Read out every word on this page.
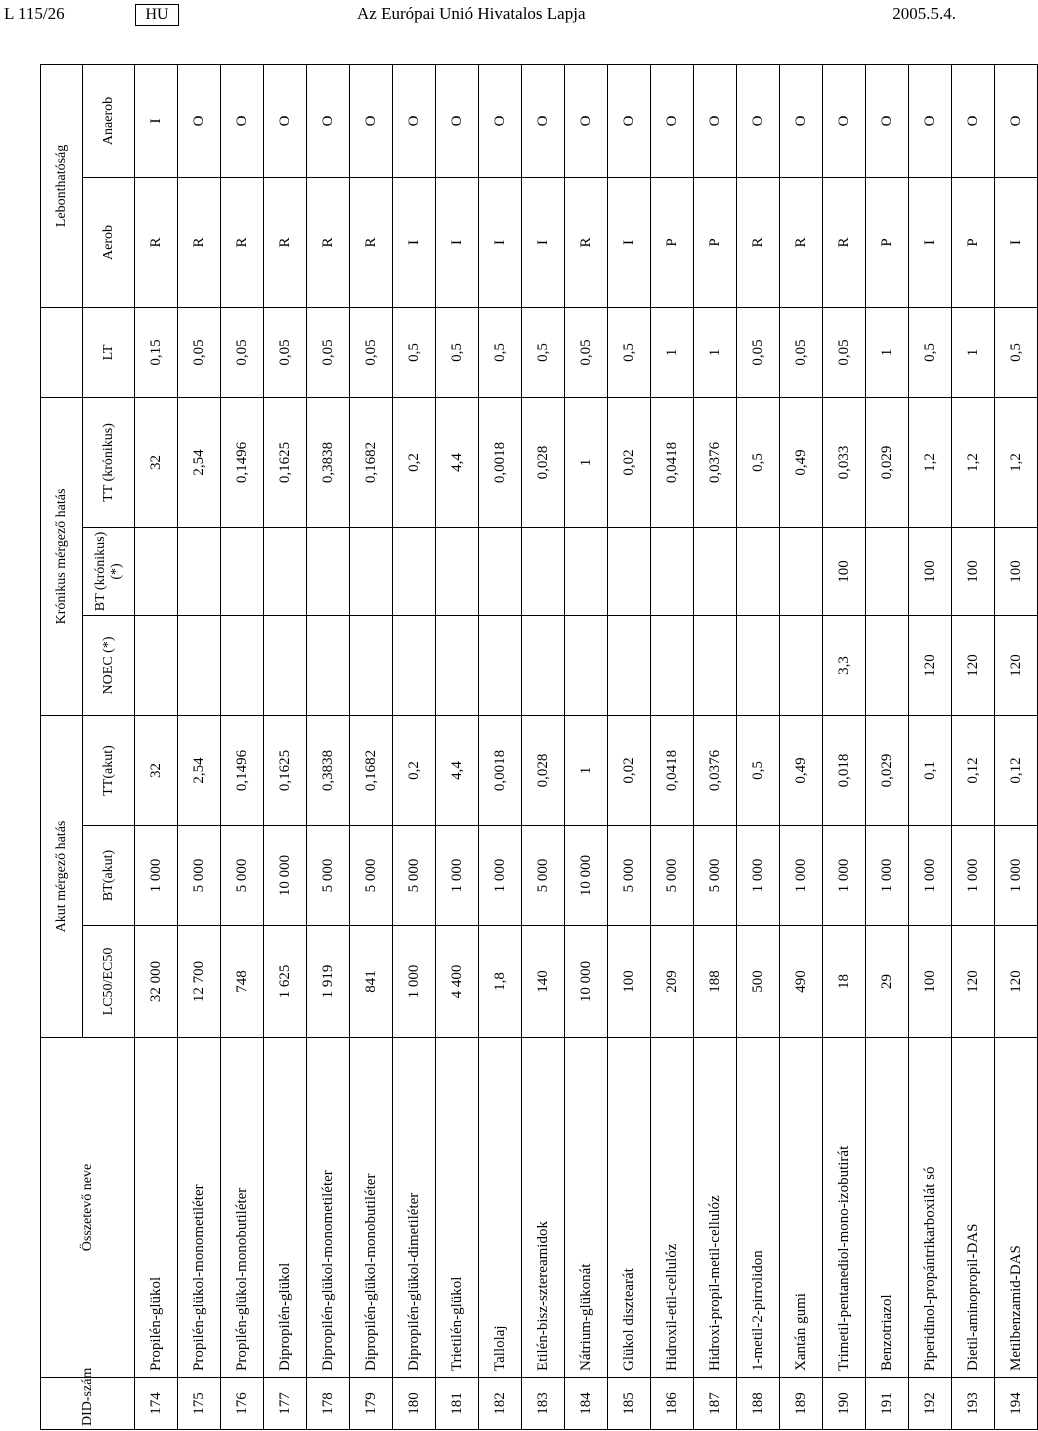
L 115/26	HU	Az Európai Unió Hivatalos Lapja	2005.5.4.
DID-szám	Összetevő neve	Akut mérgező hatás			Krónikus mérgező hatás				Lebonthatóság	
		LC50/EC50	BT(akut)	TT(akut)	NOEC (*)	BT (krónikus) (*)	TT (krónikus)	LT	Aerob	Anaerob
174	Propilén-glükol	32 000	1 000	32			32	0,15	R	I
175	Propilén-glükol-monometiléter	12 700	5 000	2,54			2,54	0,05	R	O
176	Propilén-glükol-monobutiléter	748	5 000	0,1496			0,1496	0,05	R	O
177	Dipropilén-glükol	1 625	10 000	0,1625			0,1625	0,05	R	O
178	Dipropilén-glükol-monometiléter	1 919	5 000	0,3838			0,3838	0,05	R	O
179	Dipropilén-glükol-monobutiléter	841	5 000	0,1682			0,1682	0,05	R	O
180	Dipropilén-glükol-dimetiléter	1 000	5 000	0,2			0,2	0,5	I	O
181	Trietilén-glükol	4 400	1 000	4,4			4,4	0,5	I	O
182	Tallolaj	1,8	1 000	0,0018			0,0018	0,5	I	O
183	Etilén-bisz-sztereamidok	140	5 000	0,028			0,028	0,5	I	O
184	Nátrium-glükonát	10 000	10 000	1			1	0,05	R	O
185	Glükol disztearát	100	5 000	0,02			0,02	0,5	I	O
186	Hidroxil-etil-cellulóz	209	5 000	0,0418			0,0418	1	P	O
187	Hidroxi-propil-metil-cellulóz	188	5 000	0,0376			0,0376	1	P	O
188	1-metil-2-pirrolidon	500	1 000	0,5			0,5	0,05	R	O
189	Xantán gumi	490	1 000	0,49			0,49	0,05	R	O
190	Trimetil-pentanediol-mono-izobutirát	18	1 000	0,018	3,3	100	0,033	0,05	R	O
191	Benzotriazol	29	1 000	0,029			0,029	1	P	O
192	Piperidinol-propántrikarboxilát só	100	1 000	0,1	120	100	1,2	0,5	I	O
193	Dietil-aminopropil-DAS	120	1 000	0,12	120	100	1,2	1	P	O
194	Metilbenzamid-DAS	120	1 000	0,12	120	100	1,2	0,5	I	O
